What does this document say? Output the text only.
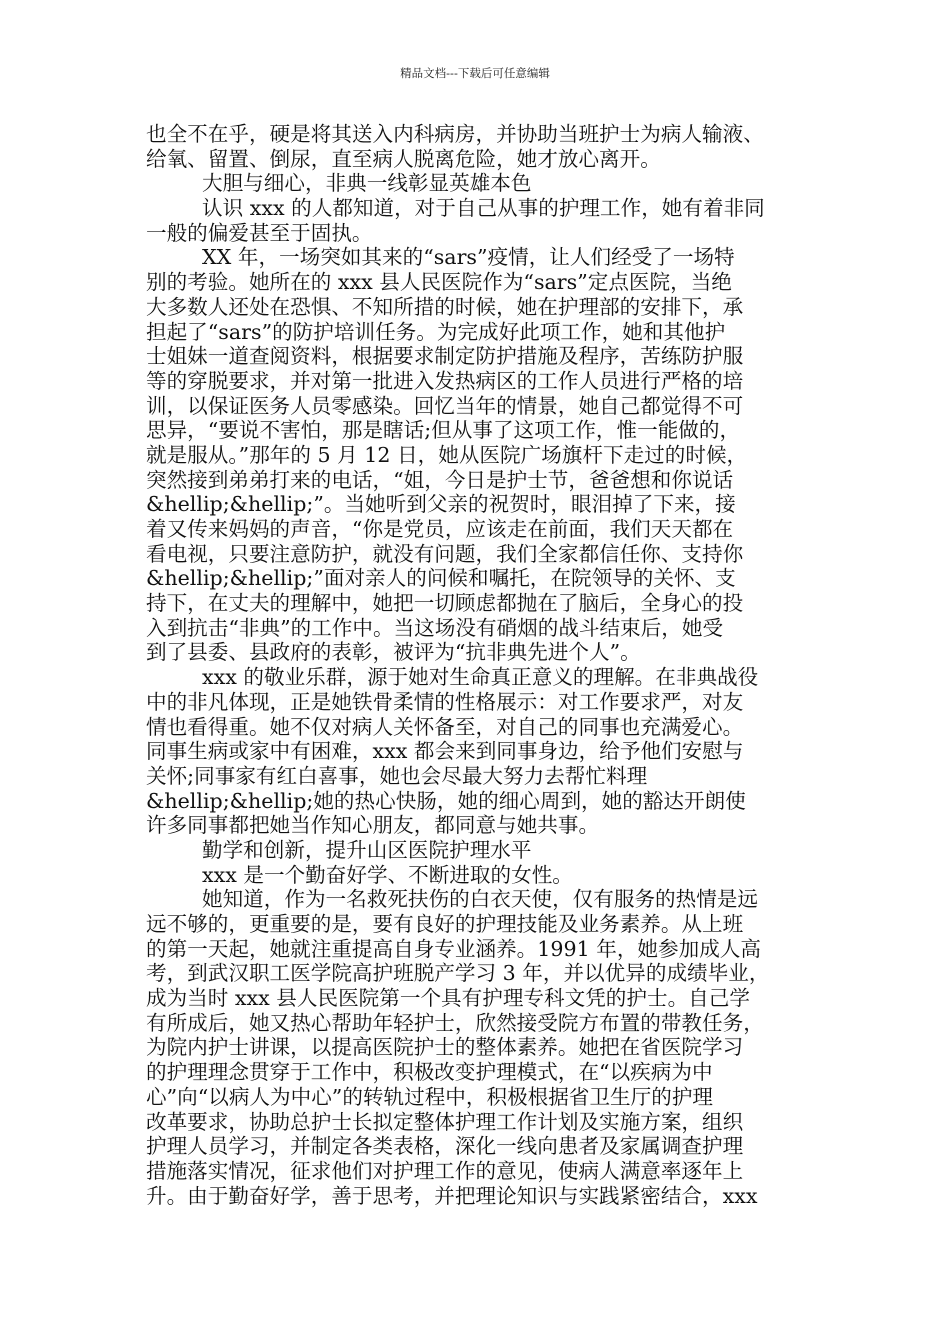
精品文档---下载后可任意编辑
也全不在乎，硬是将其送入内科病房，并协助当班护士为病人输液、
给氧、留置、倒尿，直至病人脱离危险，她才放心离开。
大胆与细心，非典一线彰显英雄本色
认识 xxx 的人都知道，对于自己从事的护理工作，她有着非同
一般的偏爱甚至于固执。
XX 年，一场突如其来的“sars”疫情，让人们经受了一场特
别的考验。她所在的 xxx 县人民医院作为“sars”定点医院，当绝
大多数人还处在恐惧、不知所措的时候，她在护理部的安排下，承
担起了“sars”的防护培训任务。为完成好此项工作，她和其他护
士姐妹一道查阅资料，根据要求制定防护措施及程序，苦练防护服
等的穿脱要求，并对第一批进入发热病区的工作人员进行严格的培
训，以保证医务人员零感染。回忆当年的情景，她自己都觉得不可
思异，“要说不害怕，那是瞎话;但从事了这项工作，惟一能做的，
就是服从。”那年的 5 月 12 日，她从医院广场旗杆下走过的时候，
突然接到弟弟打来的电话，“姐，今日是护士节，爸爸想和你说话
&hellip;&hellip;”。当她听到父亲的祝贺时，眼泪掉了下来，接
着又传来妈妈的声音，“你是党员，应该走在前面，我们天天都在
看电视，只要注意防护，就没有问题，我们全家都信任你、支持你
&hellip;&hellip;”面对亲人的问候和嘱托，在院领导的关怀、支
持下，在丈夫的理解中，她把一切顾虑都抛在了脑后，全身心的投
入到抗击“非典”的工作中。当这场没有硝烟的战斗结束后，她受
到了县委、县政府的表彰，被评为“抗非典先进个人”。
xxx 的敬业乐群，源于她对生命真正意义的理解。在非典战役
中的非凡体现，正是她铁骨柔情的性格展示：对工作要求严，对友
情也看得重。她不仅对病人关怀备至，对自己的同事也充满爱心。
同事生病或家中有困难，xxx 都会来到同事身边，给予他们安慰与
关怀;同事家有红白喜事，她也会尽最大努力去帮忙料理
&hellip;&hellip;她的热心快肠，她的细心周到，她的豁达开朗使
许多同事都把她当作知心朋友，都同意与她共事。
勤学和创新，提升山区医院护理水平
xxx 是一个勤奋好学、不断进取的女性。
她知道，作为一名救死扶伤的白衣天使，仅有服务的热情是远
远不够的，更重要的是，要有良好的护理技能及业务素养。从上班
的第一天起，她就注重提高自身专业涵养。1991 年，她参加成人高
考，到武汉职工医学院高护班脱产学习 3 年，并以优异的成绩毕业，
成为当时 xxx 县人民医院第一个具有护理专科文凭的护士。自己学
有所成后，她又热心帮助年轻护士，欣然接受院方布置的带教任务，
为院内护士讲课，以提高医院护士的整体素养。她把在省医院学习
的护理理念贯穿于工作中，积极改变护理模式，在“以疾病为中
心”向“以病人为中心”的转轨过程中，积极根据省卫生厅的护理
改革要求，协助总护士长拟定整体护理工作计划及实施方案，组织
护理人员学习，并制定各类表格，深化一线向患者及家属调查护理
措施落实情况，征求他们对护理工作的意见，使病人满意率逐年上
升。由于勤奋好学，善于思考，并把理论知识与实践紧密结合，xxx
